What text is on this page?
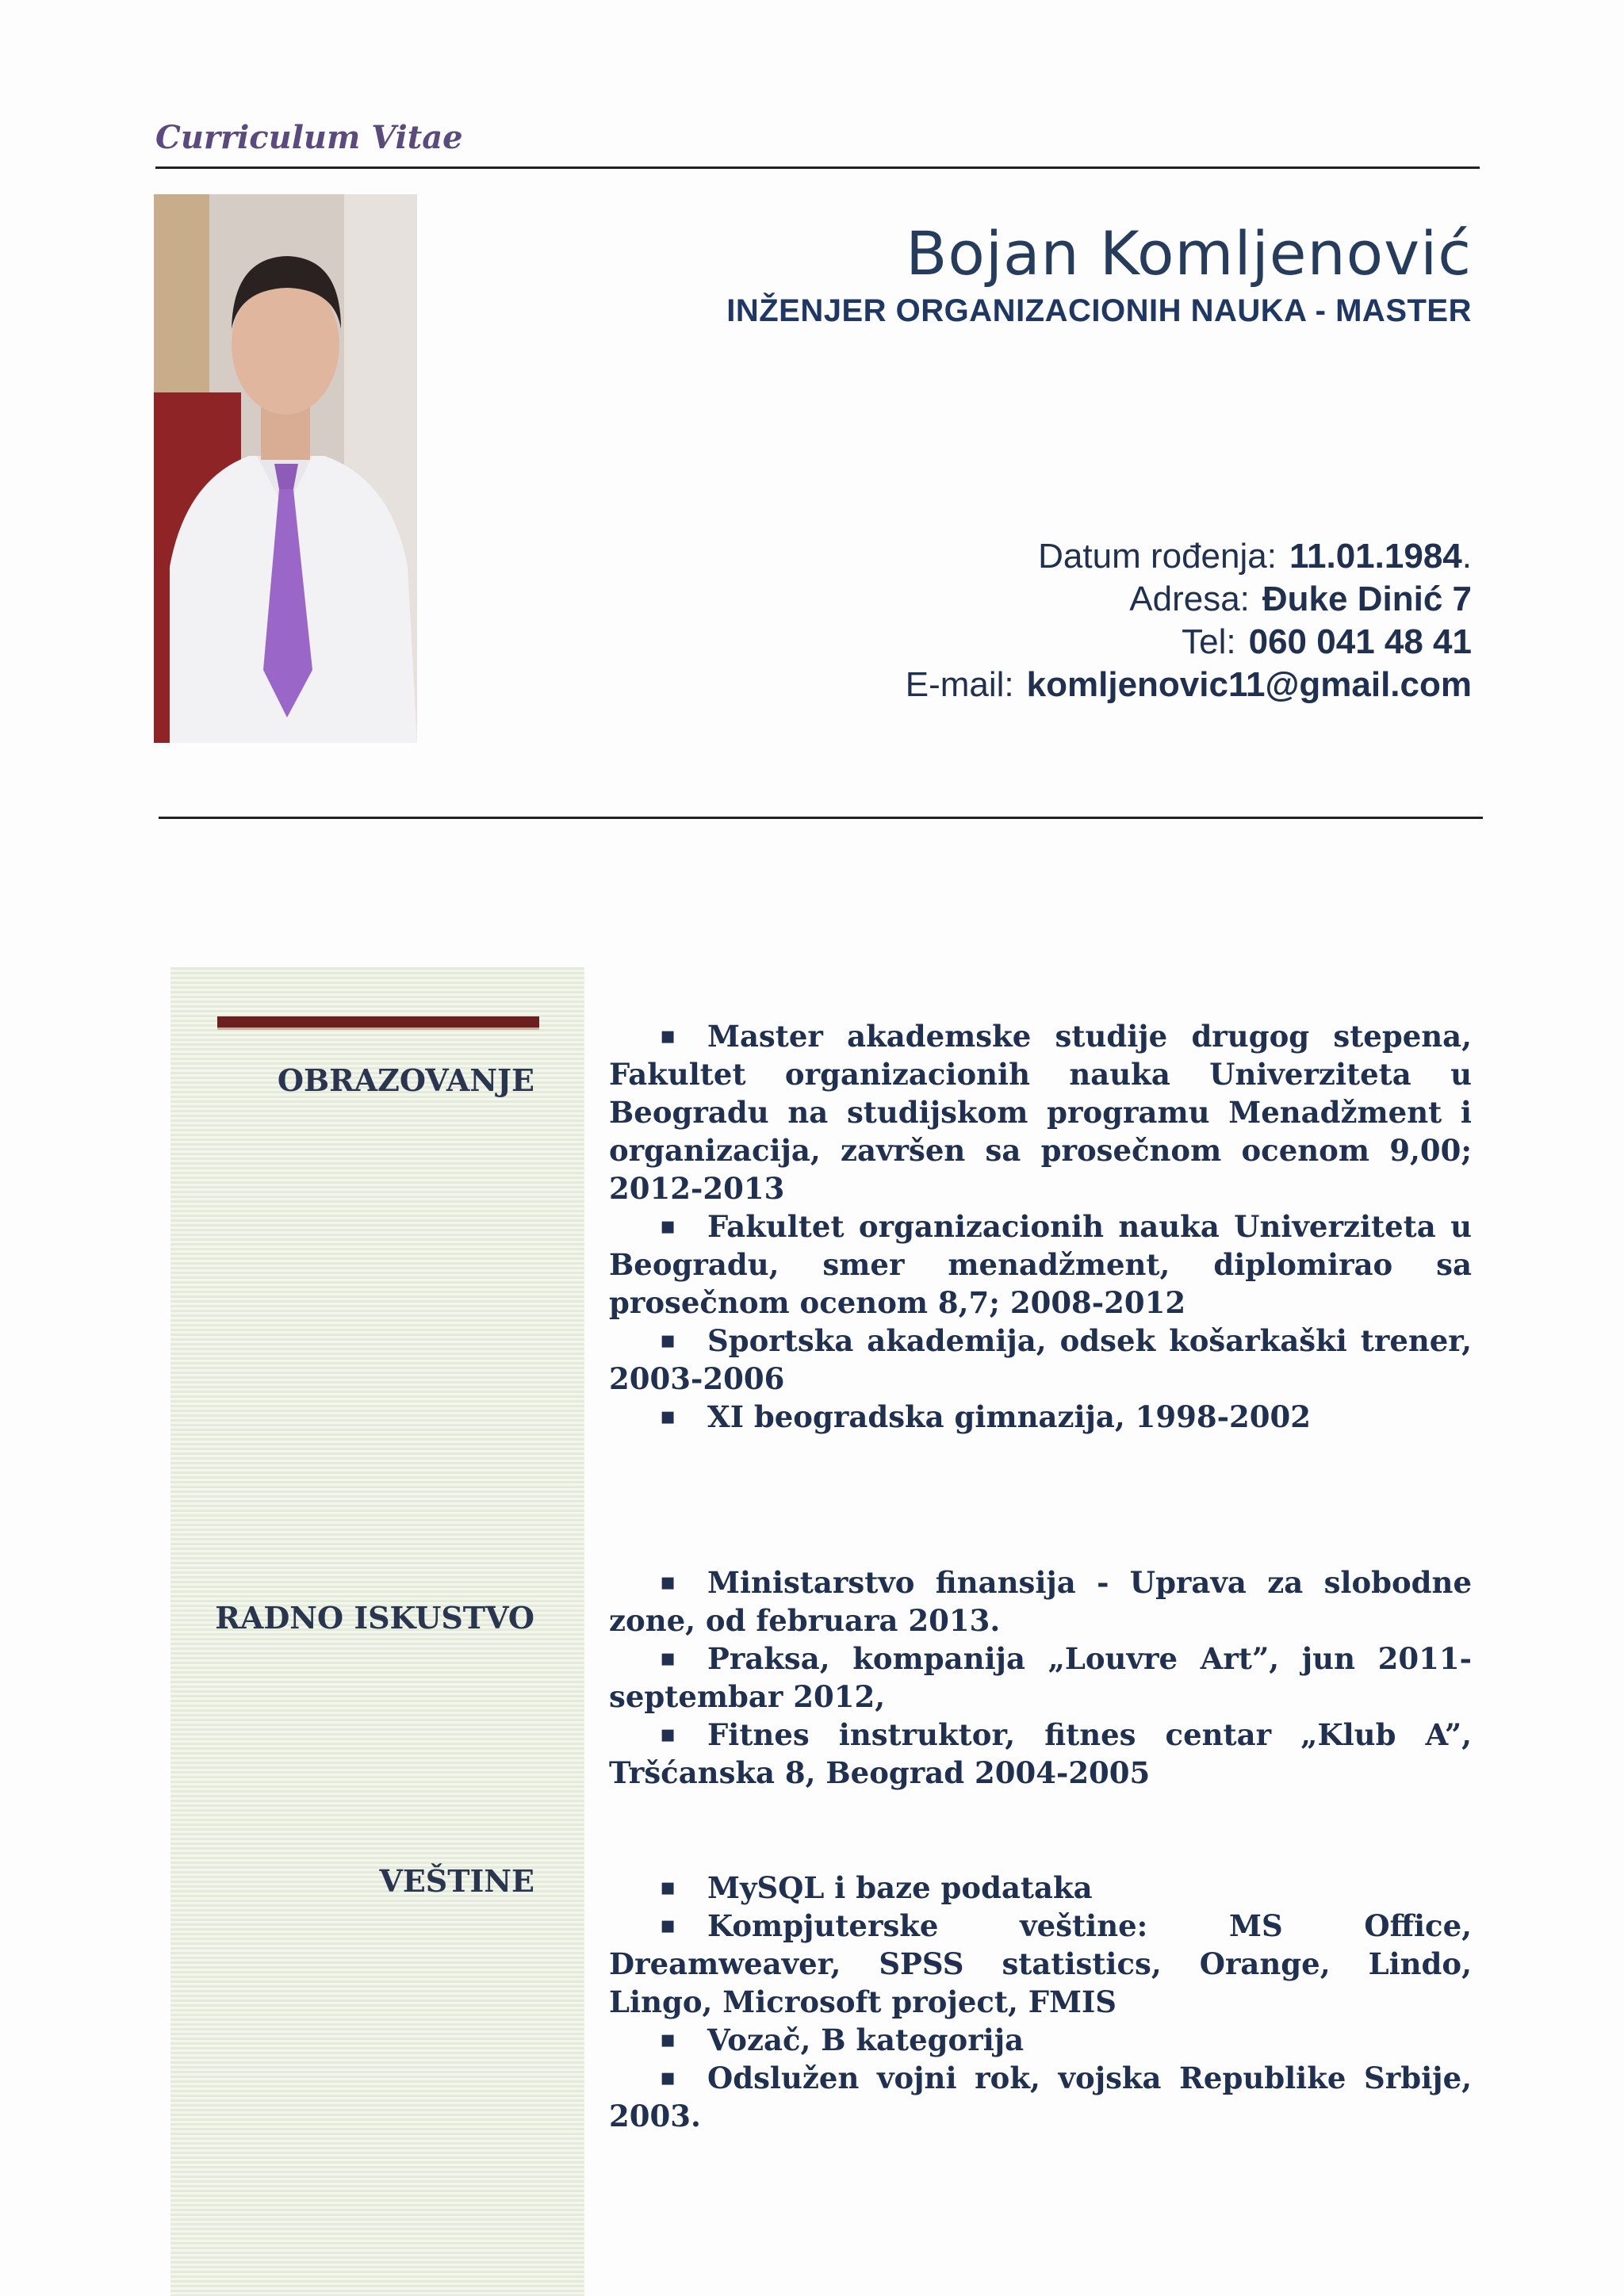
Curriculum Vitae
Bojan Komljenović
INŽENJER ORGANIZACIONIH NAUKA - MASTER
Datum rođenja: 11.01.1984.
Adresa: Đuke Dinić 7
Tel: 060 041 48 41
E-mail: komljenovic11@gmail.com
OBRAZOVANJE

▪ Master akademske studije drugog stepena, Fakultet organizacionih nauka Univerziteta u Beogradu na studijskom programu Menadžment i organizacija, završen sa prosečnom ocenom 9,00; 2012-2013

▪ Fakultet organizacionih nauka Univerziteta u Beogradu, smer menadžment, diplomirao sa prosečnom ocenom 8,7; 2008-2012

▪ Sportska akademija, odsek košarkaški trener, 2003-2006

▪ XI beogradska gimnazija, 1998-2002

RADNO ISKUSTVO

▪ Ministarstvo finansija - Uprava za slobodne zone, od februara 2013.

▪ Praksa, kompanija „Louvre Art”, jun 2011-septembar 2012,

▪ Fitnes instruktor, fitnes centar „Klub A”, Tršćanska 8, Beograd 2004-2005

VEŠTINE

▪	MySQL i baze podataka

▪ Kompjuterske veštine: MS Office, Dreamweaver, SPSS statistics, Orange, Lindo, Lingo, Microsoft project, FMIS

▪ Vozač, B kategorija

▪ Odslužen vojni rok, vojska Republike Srbije, 2003.
